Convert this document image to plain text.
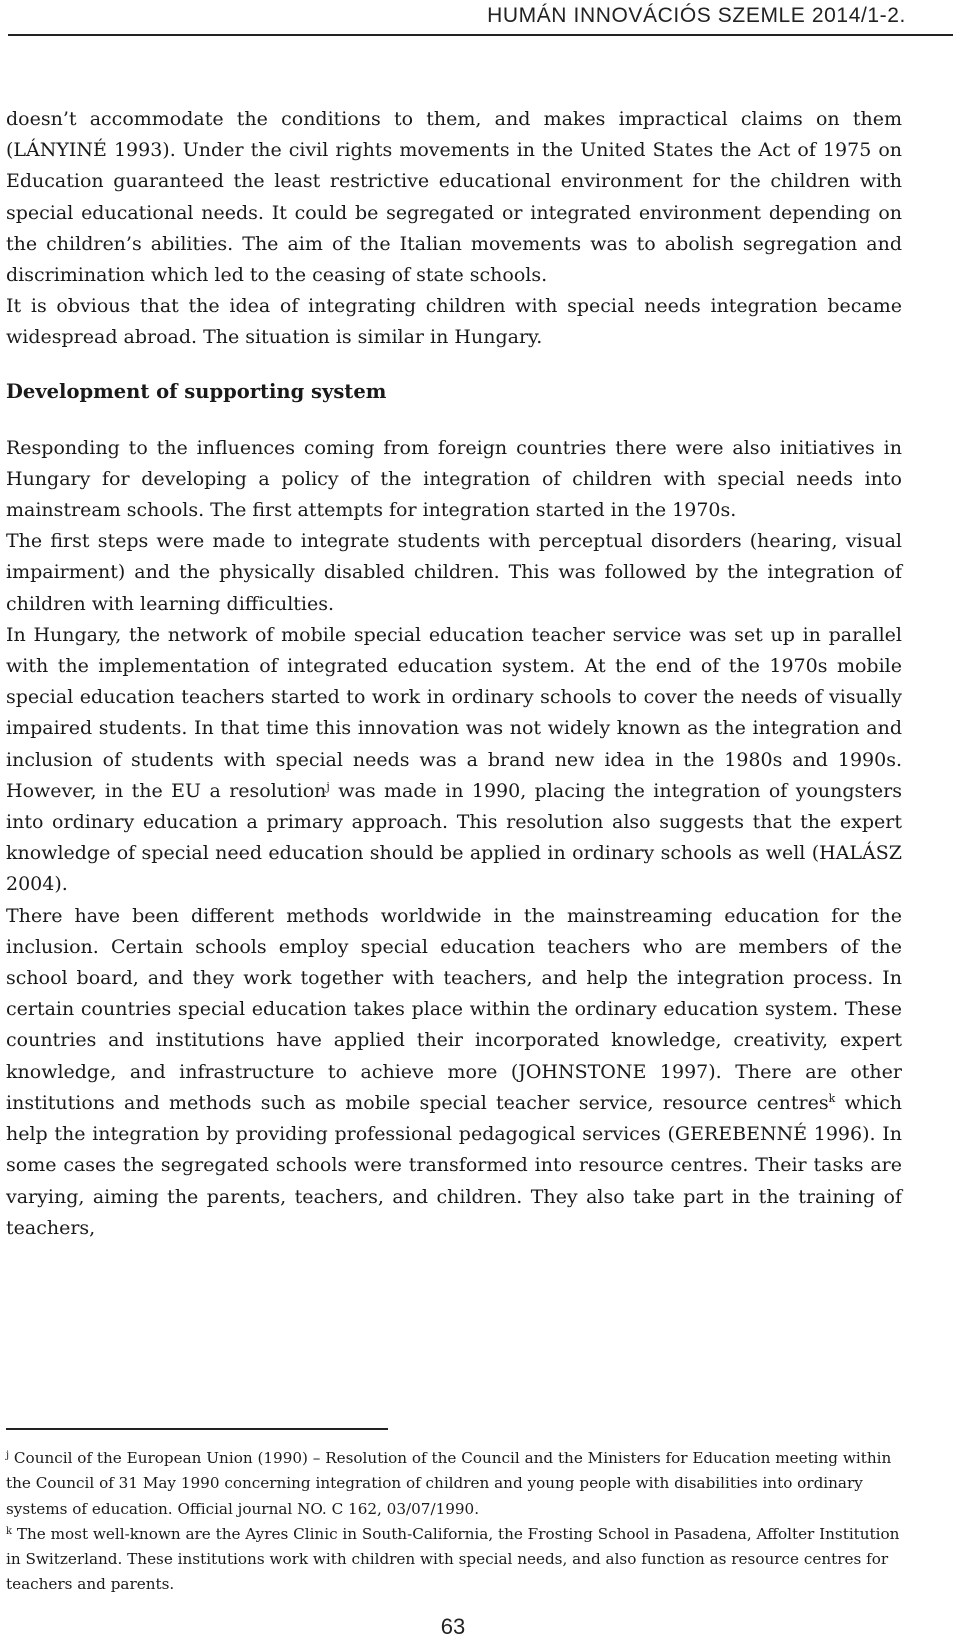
HUMÁN INNOVÁCIÓS SZEMLE 2014/1-2.

doesn’t accommodate the conditions to them, and makes impractical claims on them (LÁNYINÉ 1993). Under the civil rights movements in the United States the Act of 1975 on Education guaranteed the least restrictive educational environment for the children with special educational needs. It could be segregated or integrated environment depending on the children’s abilities. The aim of the Italian movements was to abolish segregation and discrimination which led to the ceasing of state schools.

It is obvious that the idea of integrating children with special needs integration became widespread abroad. The situation is similar in Hungary.

Development of supporting system

Responding to the influences coming from foreign countries there were also initiatives in Hungary for developing a policy of the integration of children with special needs into mainstream schools. The first attempts for integration started in the 1970s.

The first steps were made to integrate students with perceptual disorders (hearing, visual impairment) and the physically disabled children. This was followed by the integration of children with learning difficulties.

In Hungary, the network of mobile special education teacher service was set up in parallel with the implementation of integrated education system. At the end of the 1970s mobile special education teachers started to work in ordinary schools to cover the needs of visually impaired students. In that time this innovation was not widely known as the integration and inclusion of students with special needs was a brand new idea in the 1980s and 1990s. However, in the EU a resolution$^j$ was made in 1990, placing the integration of youngsters into ordinary education a primary approach. This resolution also suggests that the expert knowledge of special need education should be applied in ordinary schools as well (HALÁSZ 2004).

There have been different methods worldwide in the mainstreaming education for the inclusion. Certain schools employ special education teachers who are members of the school board, and they work together with teachers, and help the integration process. In certain countries special education takes place within the ordinary education system. These countries and institutions have applied their incorporated knowledge, creativity, expert knowledge, and infrastructure to achieve more (JOHNSTONE 1997). There are other institutions and methods such as mobile special teacher service, resource centres$^k$ which help the integration by providing professional pedagogical services (GEREBENNÉ 1996). In some cases the segregated schools were transformed into resource centres. Their tasks are varying, aiming the parents, teachers, and children. They also take part in the training of teachers,

$^j$ Council of the European Union (1990) – Resolution of the Council and the Ministers for Education meeting within the Council of 31 May 1990 concerning integration of children and young people with disabilities into ordinary systems of education. Official journal NO. C 162, 03/07/1990.

$^k$ The most well-known are the Ayres Clinic in South-California, the Frosting School in Pasadena, Affolter Institution in Switzerland. These institutions work with children with special needs, and also function as resource centres for teachers and parents.

63
